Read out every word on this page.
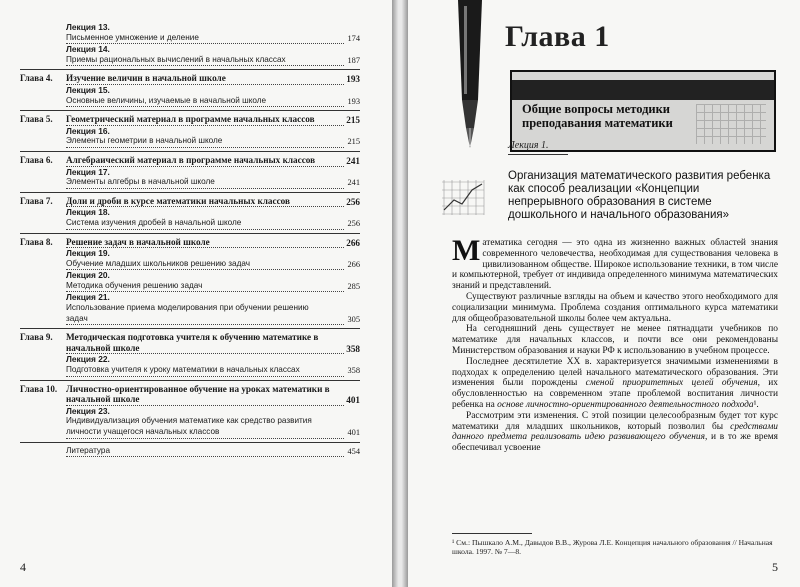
Лекция 13.
Письменное умножение и деление	174
Лекция 14.
Приемы рациональных вычислений в начальных классах	187
Глава 4.	Изучение величин в начальной школе	193
Лекция 15.
Основные величины, изучаемые в начальной школе	193
Глава 5.	Геометрический материал в программе начальных классов	215
Лекция 16.
Элементы геометрии в начальной школе	215
Глава 6.	Алгебраический материал в программе начальных классов	241
Лекция 17.
Элементы алгебры в начальной школе	241
Глава 7.	Доли и дроби в курсе математики начальных классов	256
Лекция 18.
Система изучения дробей в начальной школе	256
Глава 8.	Решение задач в начальной школе	266
Лекция 19.
Обучение младших школьников решению задач	266
Лекция 20.
Методика обучения решению задач	285
Лекция 21.
Использование приема моделирования при обучении решению задач	305
Глава 9.	Методическая подготовка учителя к обучению математике в начальной школе	358
Лекция 22.
Подготовка учителя к уроку математики в начальных классах	358
Глава 10. Личностно-ориентированное обучение на уроках математики в начальной школе	401
Лекция 23.
Индивидуализация обучения математике как средство развития личности учащегося начальных классов	401
Литература	454
4	5
Глава 1
Общие вопросы методики
преподавания математики
Лекция 1.
Организация математического развития ребенка как способ реализации «Концепции непрерывного образования в системе дошкольного и начального образования»

Математика сегодня — это одна из жизненно важных областей знания современного человечества, необходимая для существования человека в цивилизованном обществе. Широкое использование техники, в том числе и компьютерной, требует от индивида определенного минимума математических знаний и представлений.

Существуют различные взгляды на объем и качество этого необходимого для социализации минимума. Проблема создания оптимального курса математики для общеобразовательной школы более чем актуальна.

На сегодняшний день существует не менее пятнадцати учебников по математике для начальных классов, и почти все они рекомендованы Министерством образования и науки РФ к использованию в учебном процессе.

Последнее десятилетие XX в. характеризуется значимыми изменениями в подходах к определению целей начального математического образования. Эти изменения были порождены сменой приоритетных целей обучения, их обусловленностью на современном этапе проблемой воспитания личности ребенка на основе личностно-ориентированного деятельностного подхода¹.

Рассмотрим эти изменения. С этой позиции целесообразным будет тот курс математики для младших школьников, который позволил бы средствами данного предмета реализовать идею развивающего обучения, и в то же время обеспечивал усвоение

¹ См.: Пышкало А.М., Давыдов В.В., Журова Л.Е. Концепция начального образования // Начальная школа. 1997. № 7—8.
